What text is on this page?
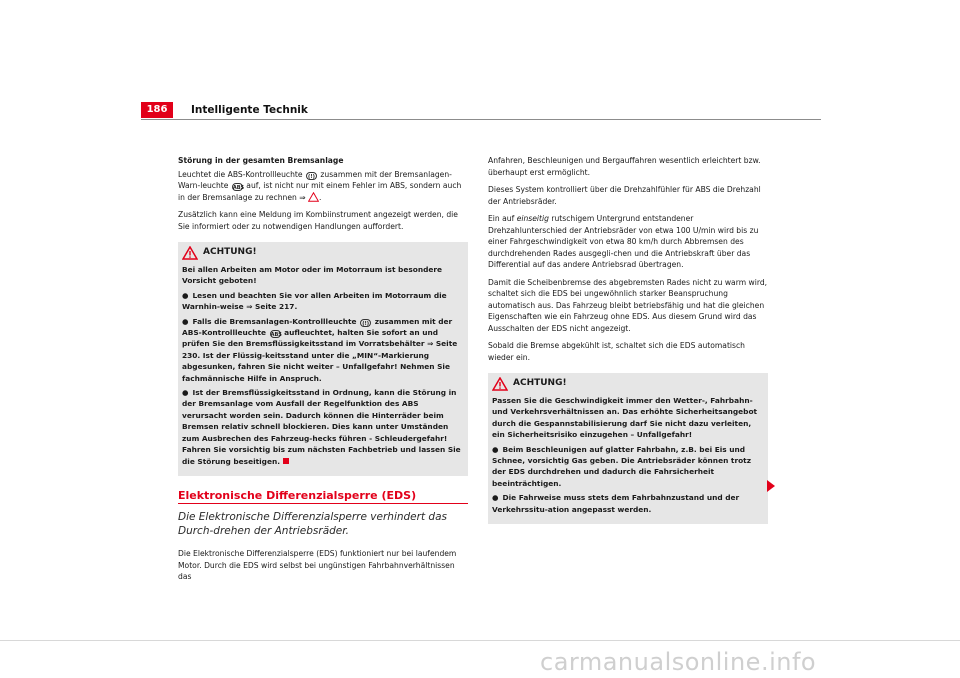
186	Intelligente Technik

Störung in der gesamten Bremsanlage

Leuchtet die ABS-Kontrollleuchte (!) zusammen mit der Bremsanlagen-Warn-leuchte ABS auf, ist nicht nur mit einem Fehler im ABS, sondern auch in der Bremsanlage zu rechnen ⇒ .

Zusätzlich kann eine Meldung im Kombiinstrument angezeigt werden, die Sie informiert oder zu notwendigen Handlungen auffordert.

ACHTUNG!

Bei allen Arbeiten am Motor oder im Motorraum ist besondere Vorsicht geboten!

● Lesen und beachten Sie vor allen Arbeiten im Motorraum die Warnhin-weise ⇒ Seite 217.

● Falls die Bremsanlagen-Kontrollleuchte (!) zusammen mit der ABS-Kontrollleuchte ABS aufleuchtet, halten Sie sofort an und prüfen Sie den Bremsflüssigkeitsstand im Vorratsbehälter ⇒ Seite 230. Ist der Flüssig-keitsstand unter die „MIN“-Markierung abgesunken, fahren Sie nicht weiter – Unfallgefahr! Nehmen Sie fachmännische Hilfe in Anspruch.

● Ist der Bremsflüssigkeitsstand in Ordnung, kann die Störung in der Bremsanlage vom Ausfall der Regelfunktion des ABS verursacht worden sein. Dadurch können die Hinterräder beim Bremsen relativ schnell blockieren. Dies kann unter Umständen zum Ausbrechen des Fahrzeug-hecks führen - Schleudergefahr! Fahren Sie vorsichtig bis zum nächsten Fachbetrieb und lassen Sie die Störung beseitigen.

Elektronische Differenzialsperre (EDS)

Die Elektronische Differenzialsperre verhindert das Durch-drehen der Antriebsräder.

Die Elektronische Differenzialsperre (EDS) funktioniert nur bei laufendem Motor. Durch die EDS wird selbst bei ungünstigen Fahrbahnverhältnissen das

Anfahren, Beschleunigen und Bergauffahren wesentlich erleichtert bzw. überhaupt erst ermöglicht.

Dieses System kontrolliert über die Drehzahlfühler für ABS die Drehzahl der Antriebsräder.

Ein auf einseitig rutschigem Untergrund entstandener Drehzahlunterschied der Antriebsräder von etwa 100 U/min wird bis zu einer Fahrgeschwindigkeit von etwa 80 km/h durch Abbremsen des durchdrehenden Rades ausgegli-chen und die Antriebskraft über das Differential auf das andere Antriebsrad übertragen.

Damit die Scheibenbremse des abgebremsten Rades nicht zu warm wird, schaltet sich die EDS bei ungewöhnlich starker Beanspruchung automatisch aus. Das Fahrzeug bleibt betriebsfähig und hat die gleichen Eigenschaften wie ein Fahrzeug ohne EDS. Aus diesem Grund wird das Ausschalten der EDS nicht angezeigt.

Sobald die Bremse abgekühlt ist, schaltet sich die EDS automatisch wieder ein.

ACHTUNG!

Passen Sie die Geschwindigkeit immer den Wetter-, Fahrbahn- und Verkehrsverhältnissen an. Das erhöhte Sicherheitsangebot durch die Gespannstabilisierung darf Sie nicht dazu verleiten, ein Sicherheitsrisiko einzugehen – Unfallgefahr!

● Beim Beschleunigen auf glatter Fahrbahn, z.B. bei Eis und Schnee, vorsichtig Gas geben. Die Antriebsräder können trotz der EDS durchdrehen und dadurch die Fahrsicherheit beeinträchtigen.

● Die Fahrweise muss stets dem Fahrbahnzustand und der Verkehrssitu-ation angepasst werden.

carmanualsonline.info
